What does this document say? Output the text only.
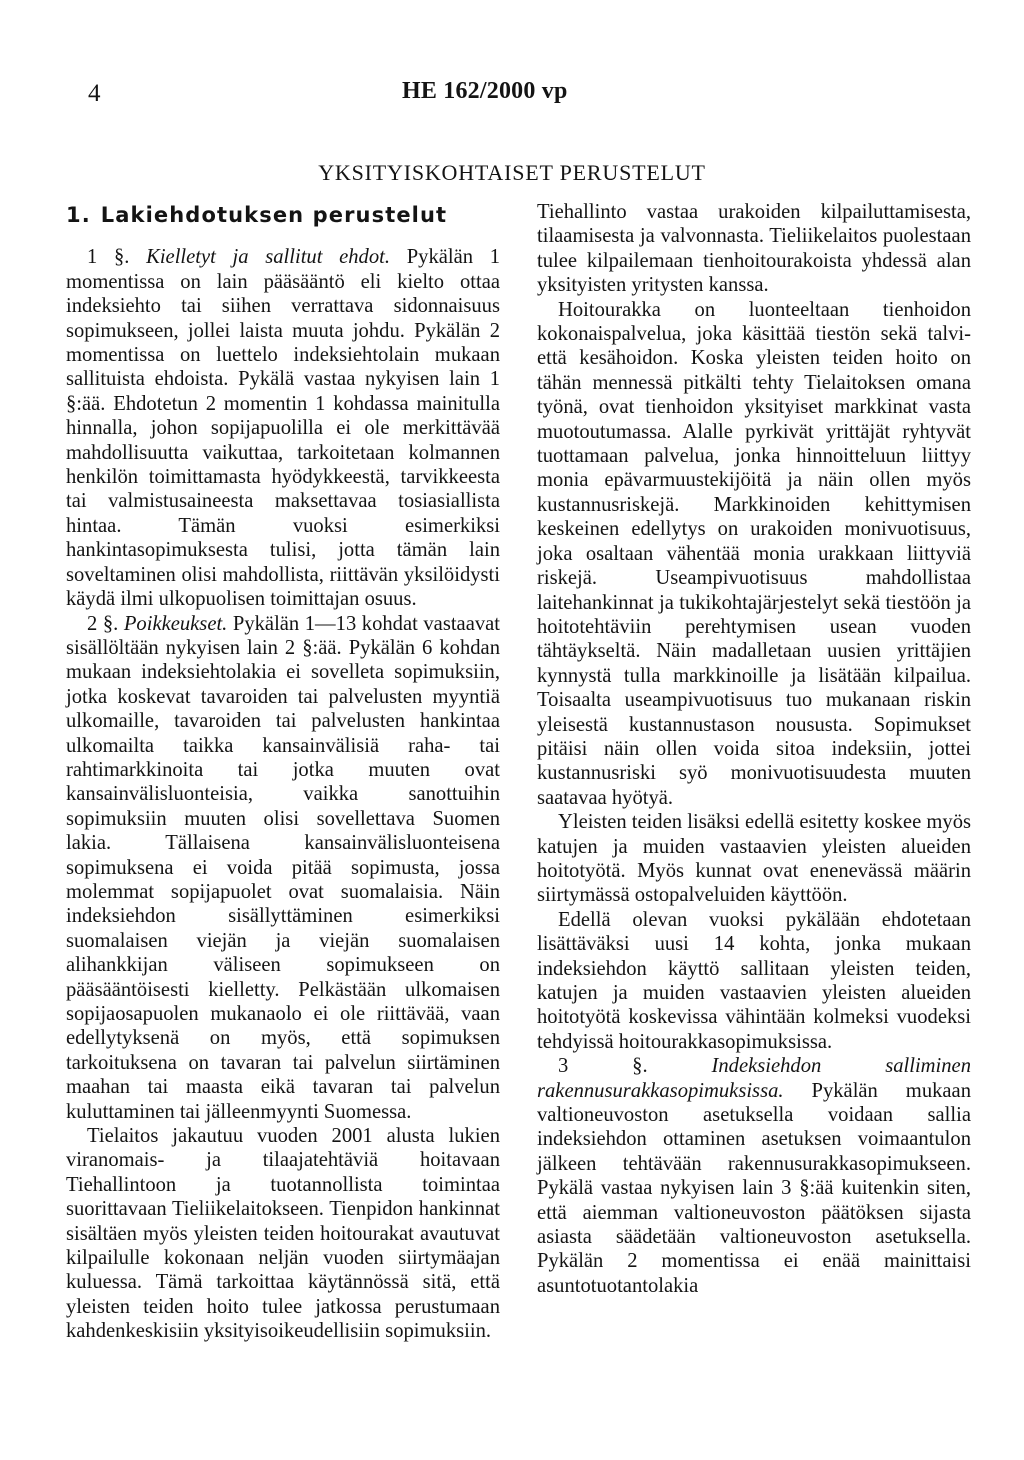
4	HE 162/2000 vp
YKSITYISKOHTAISET PERUSTELUT
1. Lakiehdotuksen perustelut

1 §. Kielletyt ja sallitut ehdot. Pykälän 1 momentissa on lain pääsääntö eli kielto ottaa indeksiehto tai siihen verrattava sidonnaisuus sopimukseen, jollei laista muuta johdu. Pykälän 2 momentissa on luettelo indeksiehtolain mukaan sallituista ehdoista. Pykälä vastaa nykyisen lain 1 §:ää. Ehdotetun 2 momentin 1 kohdassa mainitulla hinnalla, johon sopijapuolilla ei ole merkittävää mahdollisuutta vaikuttaa, tarkoitetaan kolmannen henkilön toimittamasta hyödykkeestä, tarvikkeesta tai valmistusaineesta maksettavaa tosiasiallista hintaa. Tämän vuoksi esimerkiksi hankintasopimuksesta tulisi, jotta tämän lain soveltaminen olisi mahdollista, riittävän yksilöidysti käydä ilmi ulkopuolisen toimittajan osuus.

2 §. Poikkeukset. Pykälän 1—13 kohdat vastaavat sisällöltään nykyisen lain 2 §:ää. Pykälän 6 kohdan mukaan indeksiehtolakia ei sovelleta sopimuksiin, jotka koskevat tavaroiden tai palvelusten myyntiä ulkomaille, tavaroiden tai palvelusten hankintaa ulkomailta taikka kansainvälisiä raha- tai rahtimarkkinoita tai jotka muuten ovat kansainvälisluonteisia, vaikka sanottuihin sopimuksiin muuten olisi sovellettava Suomen lakia. Tällaisena kansainvälisluonteisena sopimuksena ei voida pitää sopimusta, jossa molemmat sopijapuolet ovat suomalaisia. Näin indeksiehdon sisällyttäminen esimerkiksi suomalaisen viejän ja viejän suomalaisen alihankkijan väliseen sopimukseen on pääsääntöisesti kielletty. Pelkästään ulkomaisen sopijaosapuolen mukanaolo ei ole riittävää, vaan edellytyksenä on myös, että sopimuksen tarkoituksena on tavaran tai palvelun siirtäminen maahan tai maasta eikä tavaran tai palvelun kuluttaminen tai jälleenmyynti Suomessa.

Tielaitos jakautuu vuoden 2001 alusta lukien viranomais- ja tilaajatehtäviä hoitavaan Tiehallintoon ja tuotannollista toimintaa suorittavaan Tieliikelaitokseen. Tienpidon hankinnat sisältäen myös yleisten teiden hoitourakat avautuvat kilpailulle kokonaan neljän vuoden siirtymäajan kuluessa. Tämä tarkoittaa käytännössä sitä, että yleisten teiden hoito tulee jatkossa perustumaan kahdenkeskisiin yksityisoikeudellisiin sopimuksiin.

Tiehallinto vastaa urakoiden kilpailuttamisesta, tilaamisesta ja valvonnasta. Tieliikelaitos puolestaan tulee kilpailemaan tienhoitourakoista yhdessä alan yksityisten yritysten kanssa.

Hoitourakka on luonteeltaan tienhoidon kokonaispalvelua, joka käsittää tiestön sekä talvi- että kesähoidon. Koska yleisten teiden hoito on tähän mennessä pitkälti tehty Tielaitoksen omana työnä, ovat tienhoidon yksityiset markkinat vasta muotoutumassa. Alalle pyrkivät yrittäjät ryhtyvät tuottamaan palvelua, jonka hinnoitteluun liittyy monia epävarmuustekijöitä ja näin ollen myös kustannusriskejä. Markkinoiden kehittymisen keskeinen edellytys on urakoiden monivuotisuus, joka osaltaan vähentää monia urakkaan liittyviä riskejä. Useampivuotisuus mahdollistaa laitehankinnat ja tukikohtajärjestelyt sekä tiestöön ja hoitotehtäviin perehtymisen usean vuoden tähtäykseltä. Näin madalletaan uusien yrittäjien kynnystä tulla markkinoille ja lisätään kilpailua. Toisaalta useampivuotisuus tuo mukanaan riskin yleisestä kustannustason noususta. Sopimukset pitäisi näin ollen voida sitoa indeksiin, jottei kustannusriski syö monivuotisuudesta muuten saatavaa hyötyä.

Yleisten teiden lisäksi edellä esitetty koskee myös katujen ja muiden vastaavien yleisten alueiden hoitotyötä. Myös kunnat ovat enenevässä määrin siirtymässä ostopalveluiden käyttöön.

Edellä olevan vuoksi pykälään ehdotetaan lisättäväksi uusi 14 kohta, jonka mukaan indeksiehdon käyttö sallitaan yleisten teiden, katujen ja muiden vastaavien yleisten alueiden hoitotyötä koskevissa vähintään kolmeksi vuodeksi tehdyissä hoitourakkasopimuksissa.

3 §.	Indeksiehdon salliminen rakennusurakkasopimuksissa. Pykälän mukaan valtioneuvoston asetuksella voidaan sallia indeksiehdon ottaminen asetuksen voimaantulon jälkeen tehtävään rakennusurakkasopimukseen. Pykälä vastaa nykyisen lain 3 §:ää kuitenkin siten, että aiemman valtioneuvoston päätöksen sijasta asiasta säädetään valtioneuvoston asetuksella. Pykälän 2 momentissa ei enää mainittaisi asuntotuotantolakia
